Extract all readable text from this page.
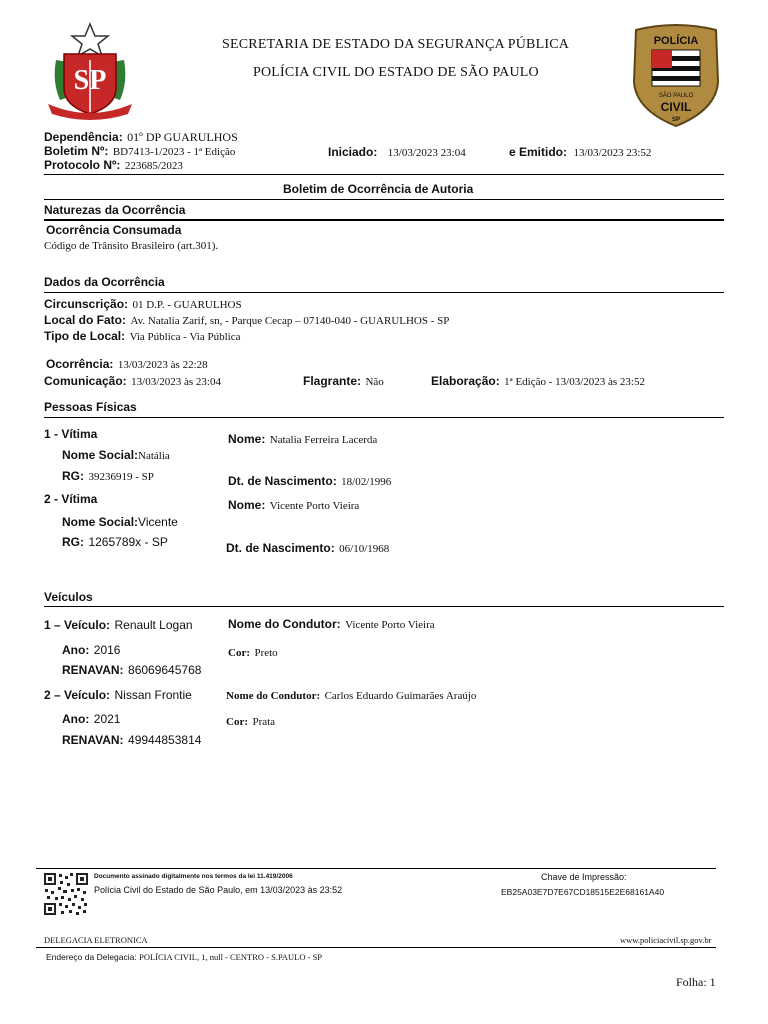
SP
SECRETARIA DE ESTADO DA SEGURANÇA PÚBLICA
POLÍCIA CIVIL DO ESTADO DE SÃO PAULO
POLÍCIA
SÃO PAULO
CIVIL
SP
Dependência: 01º DP GUARULHOS
Boletim Nº: BD7413-1/2023 - 1ª Edição
Protocolo Nº: 223685/2023
Iniciado: 13/03/2023 23:04	e Emitido: 13/03/2023 23:52
Boletim de Ocorrência de Autoria
Naturezas da Ocorrência
Ocorrência Consumada
Código de Trânsito Brasileiro (art.301).
Dados da Ocorrência
Circunscrição: 01 D.P. - GUARULHOS
Local do Fato: Av. Natalia Zarif, sn, - Parque Cecap – 07140-040 - GUARULHOS - SP
Tipo de Local: Via Pública - Via Pública
Ocorrência: 13/03/2023 às 22:28
Comunicação: 13/03/2023 às 23:04	Flagrante: Não	Elaboração: 1ª Edição - 13/03/2023 às 23:52
Pessoas Físicas
1 - Vítima
Nome Social:Natália
RG: 39236919 - SP
Nome: Natalia Ferreira Lacerda
Dt. de Nascimento: 18/02/1996
2 - Vítima
Nome Social:Vicente
RG: 1265789x - SP
Nome: Vicente Porto Vieira
Dt. de Nascimento: 06/10/1968
Veículos
1 – Veículo: Renault Logan
Ano: 2016
RENAVAN: 86069645768
Nome do Condutor: Vicente Porto Vieira
Cor: Preto
2 – Veículo: Nissan Frontie
Ano: 2021
RENAVAN: 49944853814
Nome do Condutor: Carlos Eduardo Guimarães Araújo
Cor: Prata
Documento assinado digitalmente nos termos da lei 11.419/2006
Polícia Civil do Estado de São Paulo, em 13/03/2023 às 23:52
Chave de Impressão:
EB25A03E7D7E67CD18515E2E68161A40
DELEGACIA ELETRONICA	www.policiacivil.sp.gov.br
Endereço da Delegacia: POLÍCIA CIVIL, 1, null - CENTRO - S.PAULO - SP
Folha: 1
